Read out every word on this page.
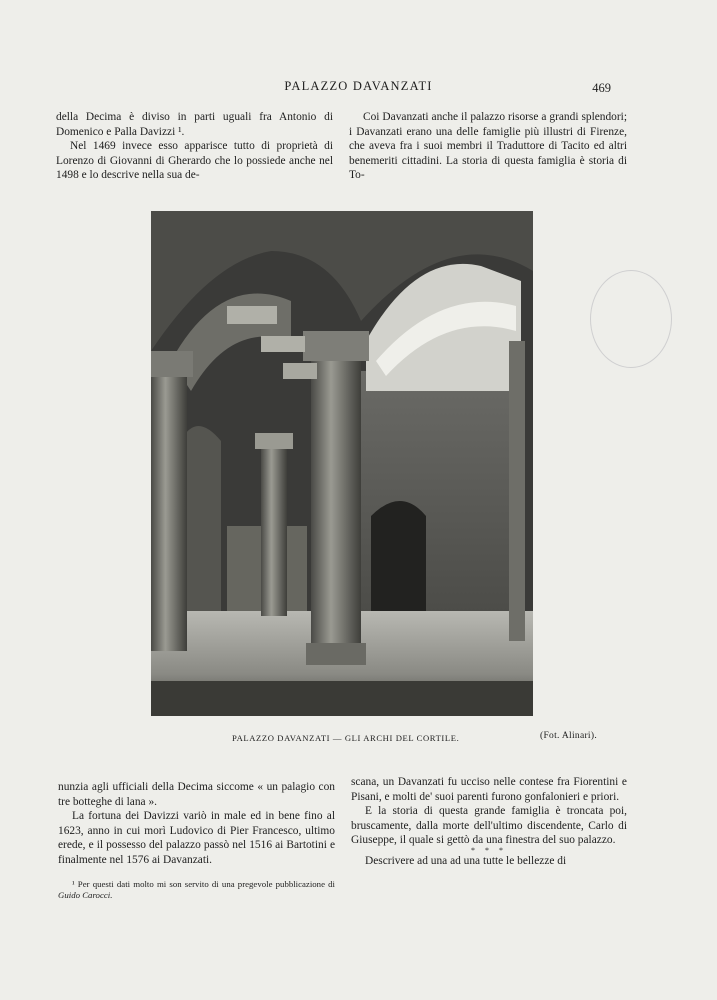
PALAZZO DAVANZATI	469

della Decima è diviso in parti uguali fra Antonio di Domenico e Palla Davizzi ¹.

Nel 1469 invece esso apparisce tutto di proprietà di Lorenzo di Giovanni di Gherardo che lo possiede anche nel 1498 e lo descrive nella sua de-

Coi Davanzati anche il palazzo risorse a grandi splendori; i Davanzati erano una delle famiglie più illustri di Firenze, che aveva fra i suoi membri il Traduttore di Tacito ed altri benemeriti cittadini. La storia di questa famiglia è storia di To-

PALAZZO DAVANZATI — GLI ARCHI DEL CORTILE.	(Fot. Alinari).

nunzia agli ufficiali della Decima siccome « un palagio con tre botteghe di lana ».

La fortuna dei Davizzi variò in male ed in bene fino al 1623, anno in cui morì Ludovico di Pier Francesco, ultimo erede, e il possesso del palazzo passò nel 1516 ai Bartotini e finalmente nel 1576 ai Davanzati.

¹ Per questi dati molto mi son servito di una pregevole pubblicazione di Guido Carocci.

scana, un Davanzati fu ucciso nelle contese fra Fiorentini e Pisani, e molti de' suoi parenti furono gonfalonieri e priori.

E la storia di questa grande famiglia è troncata poi, bruscamente, dalla morte dell'ultimo discendente, Carlo di Giuseppe, il quale si gettò da una finestra del suo palazzo.

* * *

Descrivere ad una ad una tutte le bellezze di
